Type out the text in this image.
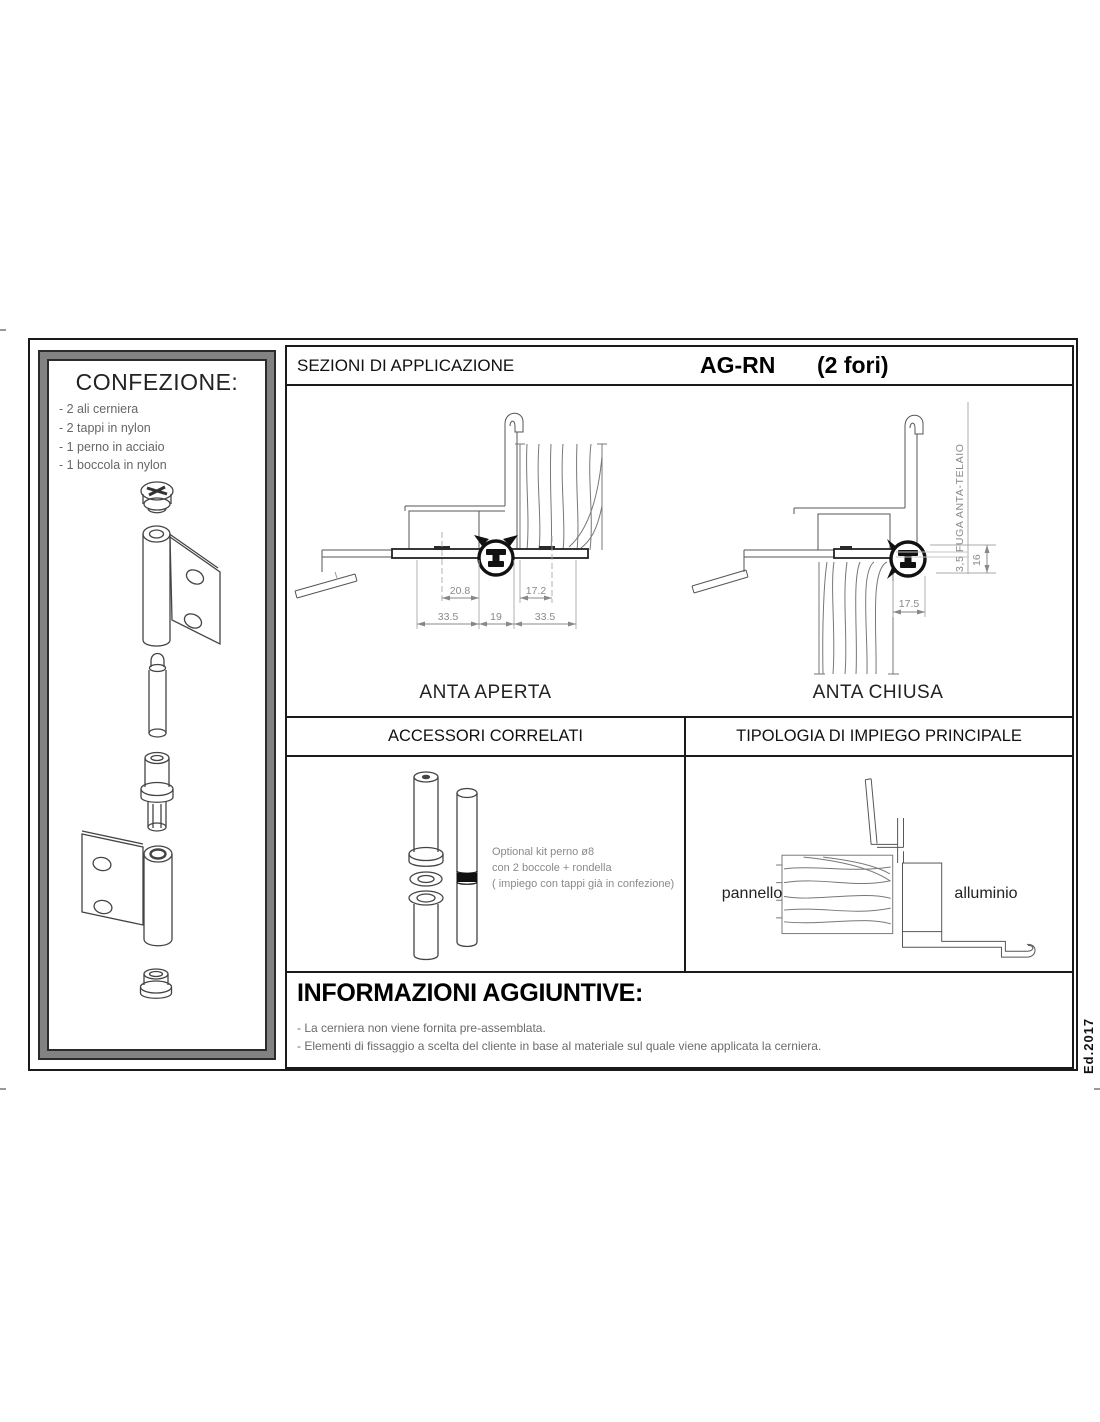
CONFEZIONE:
- 2 ali cerniera
- 2 tappi in nylon
- 1 perno in acciaio
- 1 boccola in nylon
SEZIONI DI APPLICAZIONE	AG-RN (2 fori)
20.8	17.2
33.5	19	33.5
ANTA APERTA
17.5
16
3,5 FUGA ANTA-TELAIO
ANTA CHIUSA
ACCESSORI CORRELATI	TIPOLOGIA DI IMPIEGO PRINCIPALE
Optional kit perno ø8
con 2 boccole + rondella
( impiego con tappi già in confezione)
pannello	alluminio
INFORMAZIONI AGGIUNTIVE:
- La cerniera non viene fornita pre-assemblata.
- Elementi di fissaggio a scelta del cliente in base al materiale sul quale viene applicata la cerniera.	Ed.2017
